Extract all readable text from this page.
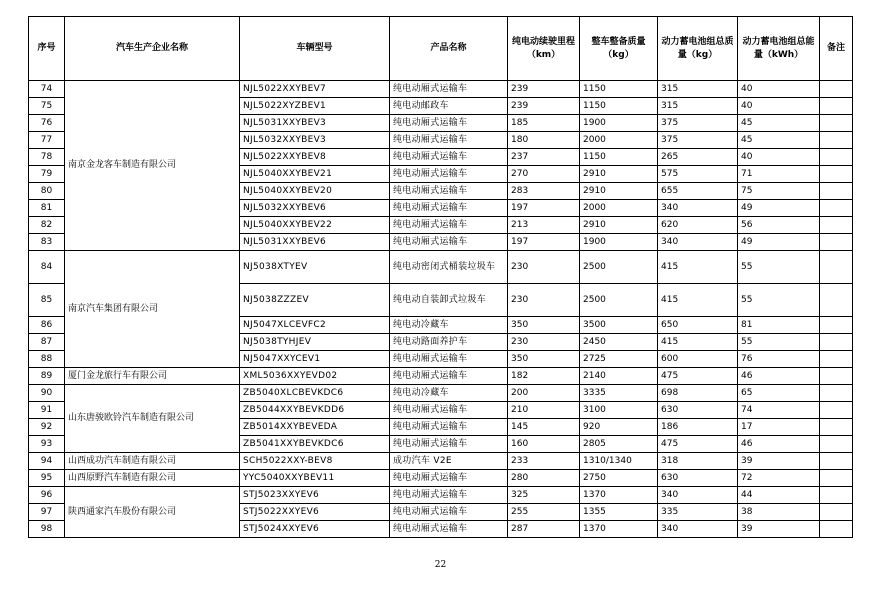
序号	汽车生产企业名称	车辆型号	产品名称	纯电动续驶里程（km）	整车整备质量（kg）	动力蓄电池组总质量（kg）	动力蓄电池组总能量（kWh）	备注
74	南京金龙客车制造有限公司	NJL5022XXYBEV7	纯电动厢式运输车	239	1150	315	40	
75		NJL5022XYZBEV1	纯电动邮政车	239	1150	315	40	
76		NJL5031XXYBEV3	纯电动厢式运输车	185	1900	375	45	
77		NJL5032XXYBEV3	纯电动厢式运输车	180	2000	375	45	
78		NJL5022XXYBEV8	纯电动厢式运输车	237	1150	265	40	
79		NJL5040XXYBEV21	纯电动厢式运输车	270	2910	575	71	
80		NJL5040XXYBEV20	纯电动厢式运输车	283	2910	655	75	
81		NJL5032XXYBEV6	纯电动厢式运输车	197	2000	340	49	
82		NJL5040XXYBEV22	纯电动厢式运输车	213	2910	620	56	
83		NJL5031XXYBEV6	纯电动厢式运输车	197	1900	340	49	
84	南京汽车集团有限公司	NJ5038XTYEV	纯电动密闭式桶装垃圾车	230	2500	415	55	
85		NJ5038ZZZEV	纯电动自装卸式垃圾车	230	2500	415	55	
86		NJ5047XLCEVFC2	纯电动冷藏车	350	3500	650	81	
87		NJ5038TYHJEV	纯电动路面养护车	230	2450	415	55	
88		NJ5047XXYCEV1	纯电动厢式运输车	350	2725	600	76	
89	厦门金龙旅行车有限公司	XML5036XXYEVD02	纯电动厢式运输车	182	2140	475	46	
90	山东唐骏欧铃汽车制造有限公司	ZB5040XLCBEVKDC6	纯电动冷藏车	200	3335	698	65	
91		ZB5044XXYBEVKDD6	纯电动厢式运输车	210	3100	630	74	
92		ZB5014XXYBEVEDA	纯电动厢式运输车	145	920	186	17	
93		ZB5041XXYBEVKDC6	纯电动厢式运输车	160	2805	475	46	
94	山西成功汽车制造有限公司	SCH5022XXY-BEV8	成功汽车 V2E	233	1310/1340	318	39	
95	山西原野汽车制造有限公司	YYC5040XXYBEV11	纯电动厢式运输车	280	2750	630	72	
96	陕西通家汽车股份有限公司	STJ5023XXYEV6	纯电动厢式运输车	325	1370	340	44	
97		STJ5022XXYEV6	纯电动厢式运输车	255	1355	335	38	
98		STJ5024XXYEV6	纯电动厢式运输车	287	1370	340	39	
22
